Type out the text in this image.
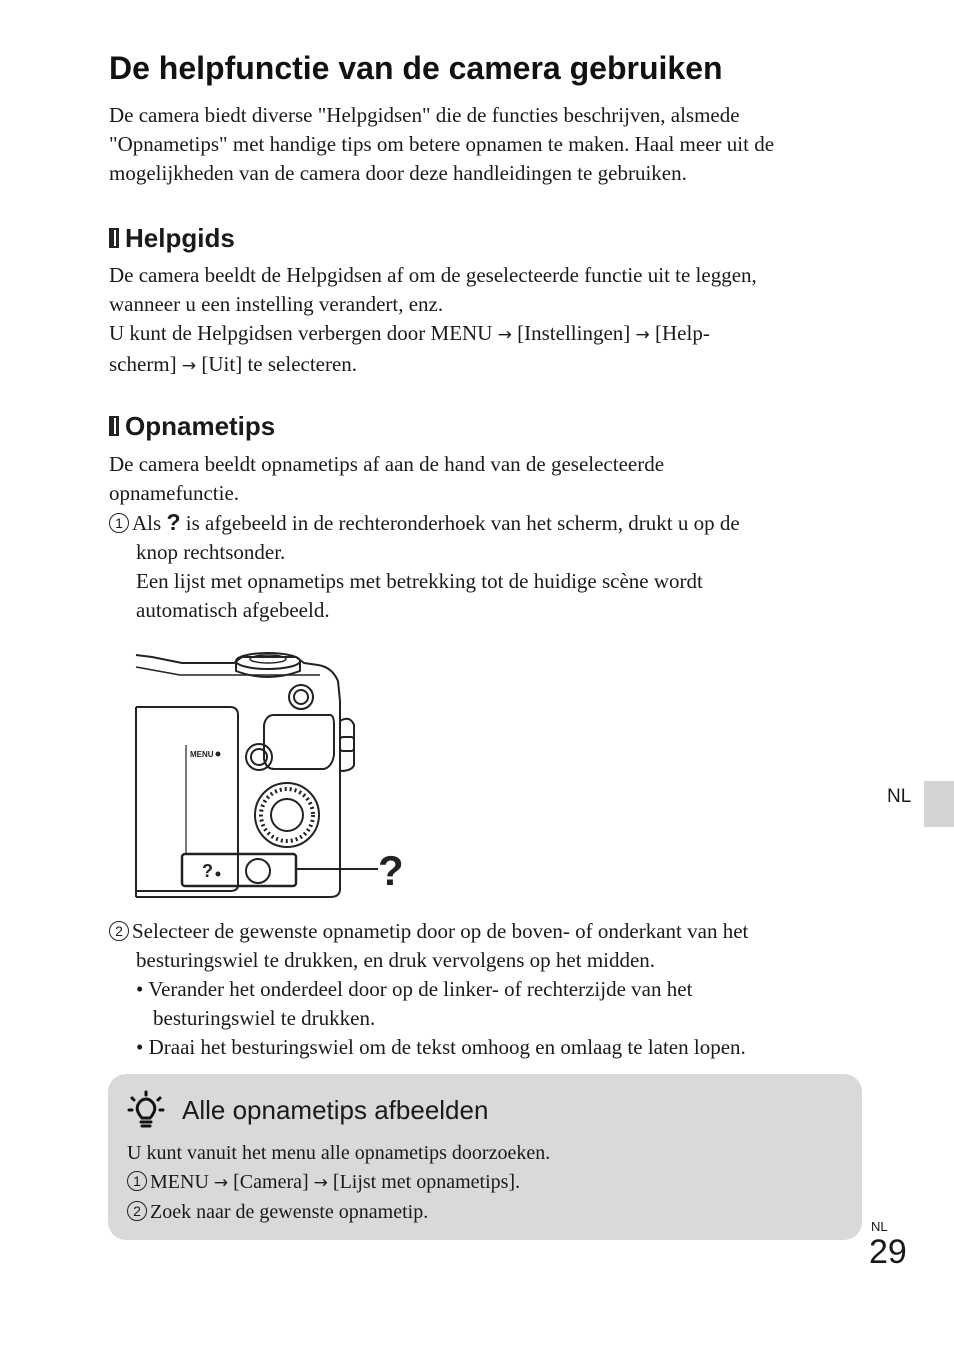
De helpfunctie van de camera gebruiken
De camera biedt diverse "Helpgidsen" die de functies beschrijven, alsmede
"Opnametips" met handige tips om betere opnamen te maken. Haal meer uit de
mogelijkheden van de camera door deze handleidingen te gebruiken.
Helpgids
De camera beeldt de Helpgidsen af om de geselecteerde functie uit te leggen,
wanneer u een instelling verandert, enz.
U kunt de Helpgidsen verbergen door MENU → [Instellingen] → [Help-
scherm] → [Uit] te selecteren.
Opnametips
De camera beeldt opnametips af aan de hand van de geselecteerde
opnamefunctie.
1 Als ? is afgebeeld in de rechteronderhoek van het scherm, drukt u op de
knop rechtsonder.
Een lijst met opnametips met betrekking tot de huidige scène wordt
automatisch afgebeeld.
MENU
?	?
2 Selecteer de gewenste opnametip door op de boven- of onderkant van het
besturingswiel te drukken, en druk vervolgens op het midden.
• Verander het onderdeel door op de linker- of rechterzijde van het
besturingswiel te drukken.
• Draai het besturingswiel om de tekst omhoog en omlaag te laten lopen.
Alle opnametips afbeelden
U kunt vanuit het menu alle opnametips doorzoeken.
1 MENU → [Camera] → [Lijst met opnametips].
2 Zoek naar de gewenste opnametip.
NL
NL
29
